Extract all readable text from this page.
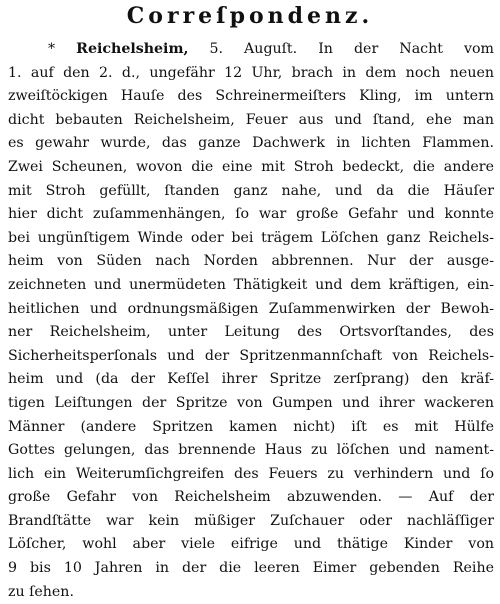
Correſpondenz.
* Reichelsheim, 5. Auguſt. In der Nacht vom
1. auf den 2. d., ungefähr 12 Uhr, brach in dem noch neuen
zweiſtöckigen Hauſe des Schreinermeiſters Kling, im untern
dicht bebauten Reichelsheim, Feuer aus und ſtand, ehe man
es gewahr wurde, das ganze Dachwerk in lichten Flammen.
Zwei Scheunen, wovon die eine mit Stroh bedeckt, die andere
mit Stroh gefüllt, ſtanden ganz nahe, und da die Häuſer
hier dicht zuſammenhängen, ſo war große Gefahr und konnte
bei ungünſtigem Winde oder bei trägem Löſchen ganz Reichels-
heim von Süden nach Norden abbrennen. Nur der ausge-
zeichneten und unermüdeten Thätigkeit und dem kräftigen, ein-
heitlichen und ordnungsmäßigen Zuſammenwirken der Bewoh-
ner Reichelsheim, unter Leitung des Ortsvorſtandes, des
Sicherheitsperſonals und der Spritzenmannſchaft von Reichels-
heim und (da der Keſſel ihrer Spritze zerſprang) den kräf-
tigen Leiſtungen der Spritze von Gumpen und ihrer wackeren
Männer (andere Spritzen kamen nicht) iſt es mit Hülfe
Gottes gelungen, das brennende Haus zu löſchen und nament-
lich ein Weiterumſichgreifen des Feuers zu verhindern und ſo
große Gefahr von Reichelsheim abzuwenden. — Auf der
Brandſtätte war kein müßiger Zuſchauer oder nachläſſiger
Löſcher, wohl aber viele eifrige und thätige Kinder von
9 bis 10 Jahren in der die leeren Eimer gebenden Reihe
zu ſehen.
